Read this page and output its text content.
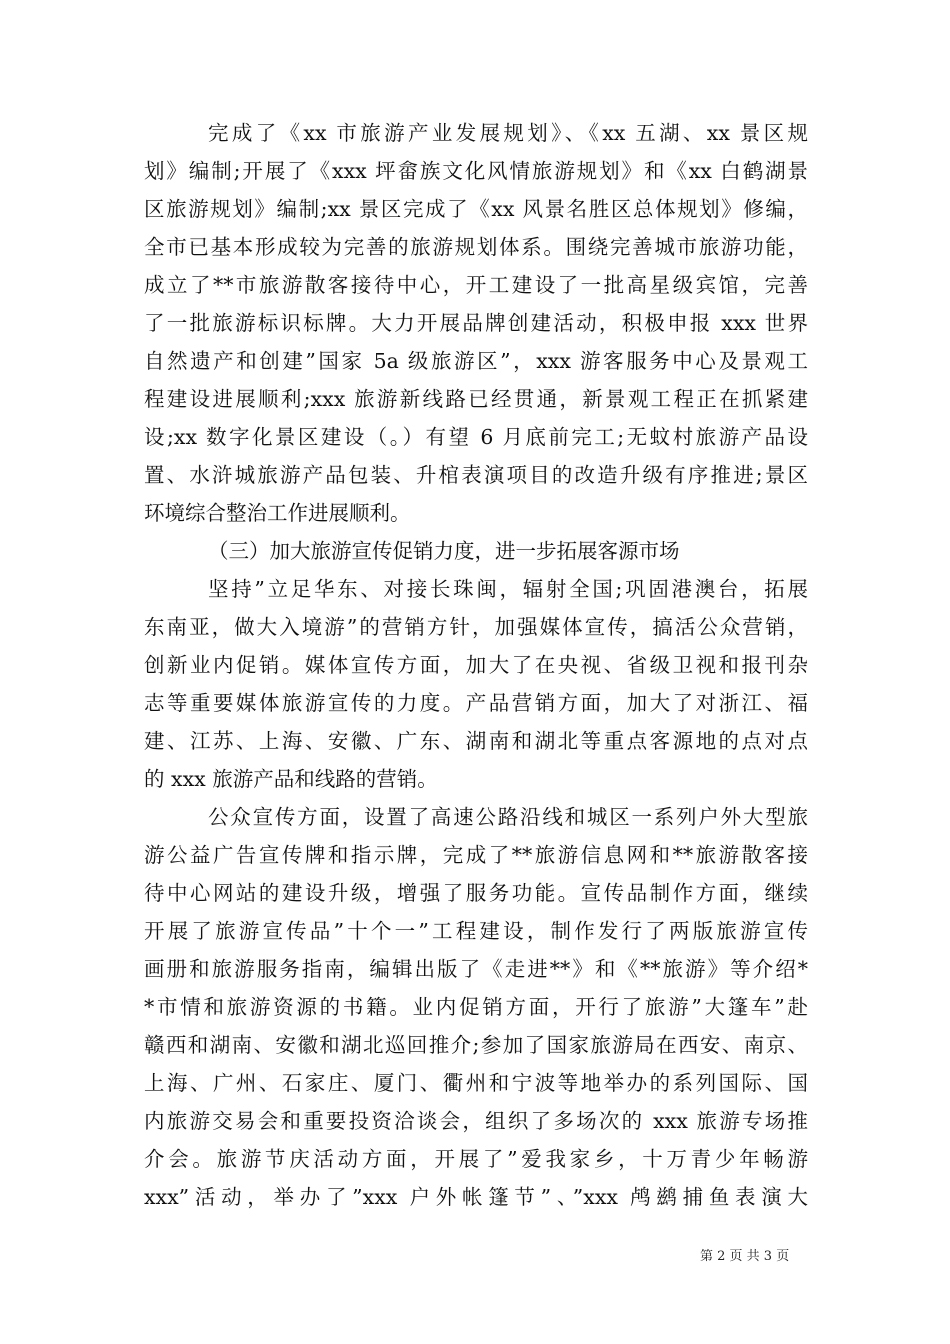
完成了《xx 市旅游产业发展规划》、《xx 五湖、xx 景区规
划》编制;开展了《xxx 坪畲族文化风情旅游规划》和《xx 白鹤湖景
区旅游规划》编制;xx 景区完成了《xx 风景名胜区总体规划》修编，
全市已基本形成较为完善的旅游规划体系。围绕完善城市旅游功能，
成立了**市旅游散客接待中心，开工建设了一批高星级宾馆，完善
了一批旅游标识标牌。大力开展品牌创建活动，积极申报 xxx 世界
自然遗产和创建”国家 5a 级旅游区”，xxx 游客服务中心及景观工
程建设进展顺利;xxx 旅游新线路已经贯通，新景观工程正在抓紧建
设;xx 数字化景区建设（。）有望 6 月底前完工;无蚊村旅游产品设
置、水浒城旅游产品包装、升棺表演项目的改造升级有序推进;景区
环境综合整治工作进展顺利。
（三）加大旅游宣传促销力度，进一步拓展客源市场
坚持”立足华东、对接长珠闽，辐射全国;巩固港澳台，拓展
东南亚，做大入境游”的营销方针，加强媒体宣传，搞活公众营销，
创新业内促销。媒体宣传方面，加大了在央视、省级卫视和报刊杂
志等重要媒体旅游宣传的力度。产品营销方面，加大了对浙江、福
建、江苏、上海、安徽、广东、湖南和湖北等重点客源地的点对点
的 xxx 旅游产品和线路的营销。
公众宣传方面，设置了高速公路沿线和城区一系列户外大型旅
游公益广告宣传牌和指示牌，完成了**旅游信息网和**旅游散客接
待中心网站的建设升级，增强了服务功能。宣传品制作方面，继续
开展了旅游宣传品”十个一”工程建设，制作发行了两版旅游宣传
画册和旅游服务指南，编辑出版了《走进**》和《**旅游》等介绍*
*市情和旅游资源的书籍。业内促销方面，开行了旅游”大篷车”赴
赣西和湖南、安徽和湖北巡回推介;参加了国家旅游局在西安、南京、
上海、广州、石家庄、厦门、衢州和宁波等地举办的系列国际、国
内旅游交易会和重要投资洽谈会，组织了多场次的 xxx 旅游专场推
介会。旅游节庆活动方面，开展了”爱我家乡，十万青少年畅游
xxx”活动，举办了”xxx 户外帐篷节”、”xxx 鸬鹚捕鱼表演大
第 2 页 共 3 页
